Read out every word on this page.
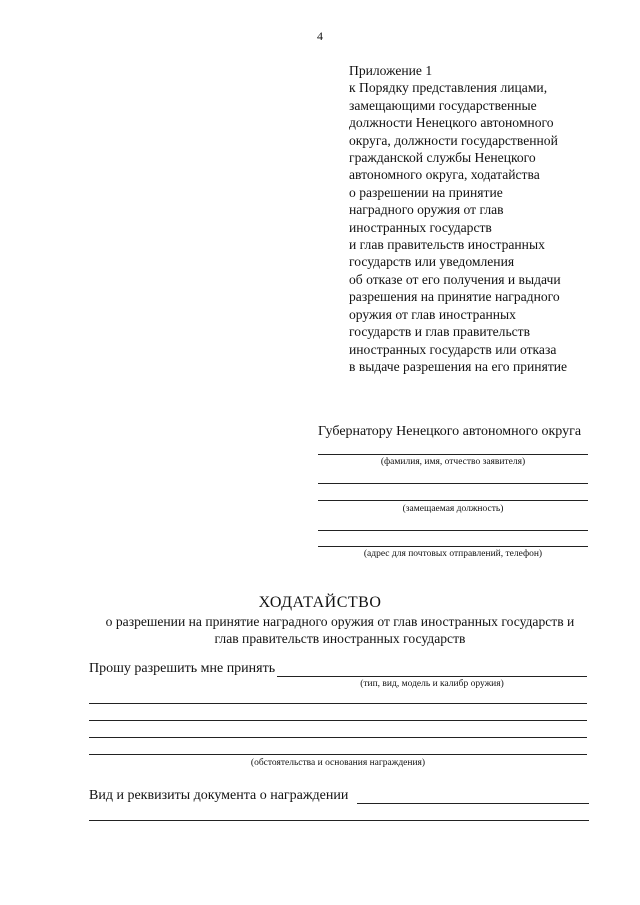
4
Приложение 1
к Порядку представления лицами,
замещающими государственные
должности Ненецкого автономного
округа, должности государственной
гражданской службы Ненецкого
автономного округа, ходатайства
о разрешении на принятие
наградного оружия от глав
иностранных государств
и глав правительств иностранных
государств или уведомления
об отказе от его получения и выдачи
разрешения на принятие наградного
оружия от глав иностранных
государств и глав правительств
иностранных государств или отказа
в выдаче разрешения на его принятие
Губернатору Ненецкого автономного округа
(фамилия, имя, отчество заявителя)
(замещаемая должность)
(адрес для почтовых отправлений, телефон)
ХОДАТАЙСТВО
о разрешении на принятие наградного оружия от глав иностранных государств и
глав правительств иностранных государств
Прошу разрешить мне принять
(тип, вид, модель и калибр оружия)
(обстоятельства и основания награждения)
Вид и реквизиты документа о награждении
